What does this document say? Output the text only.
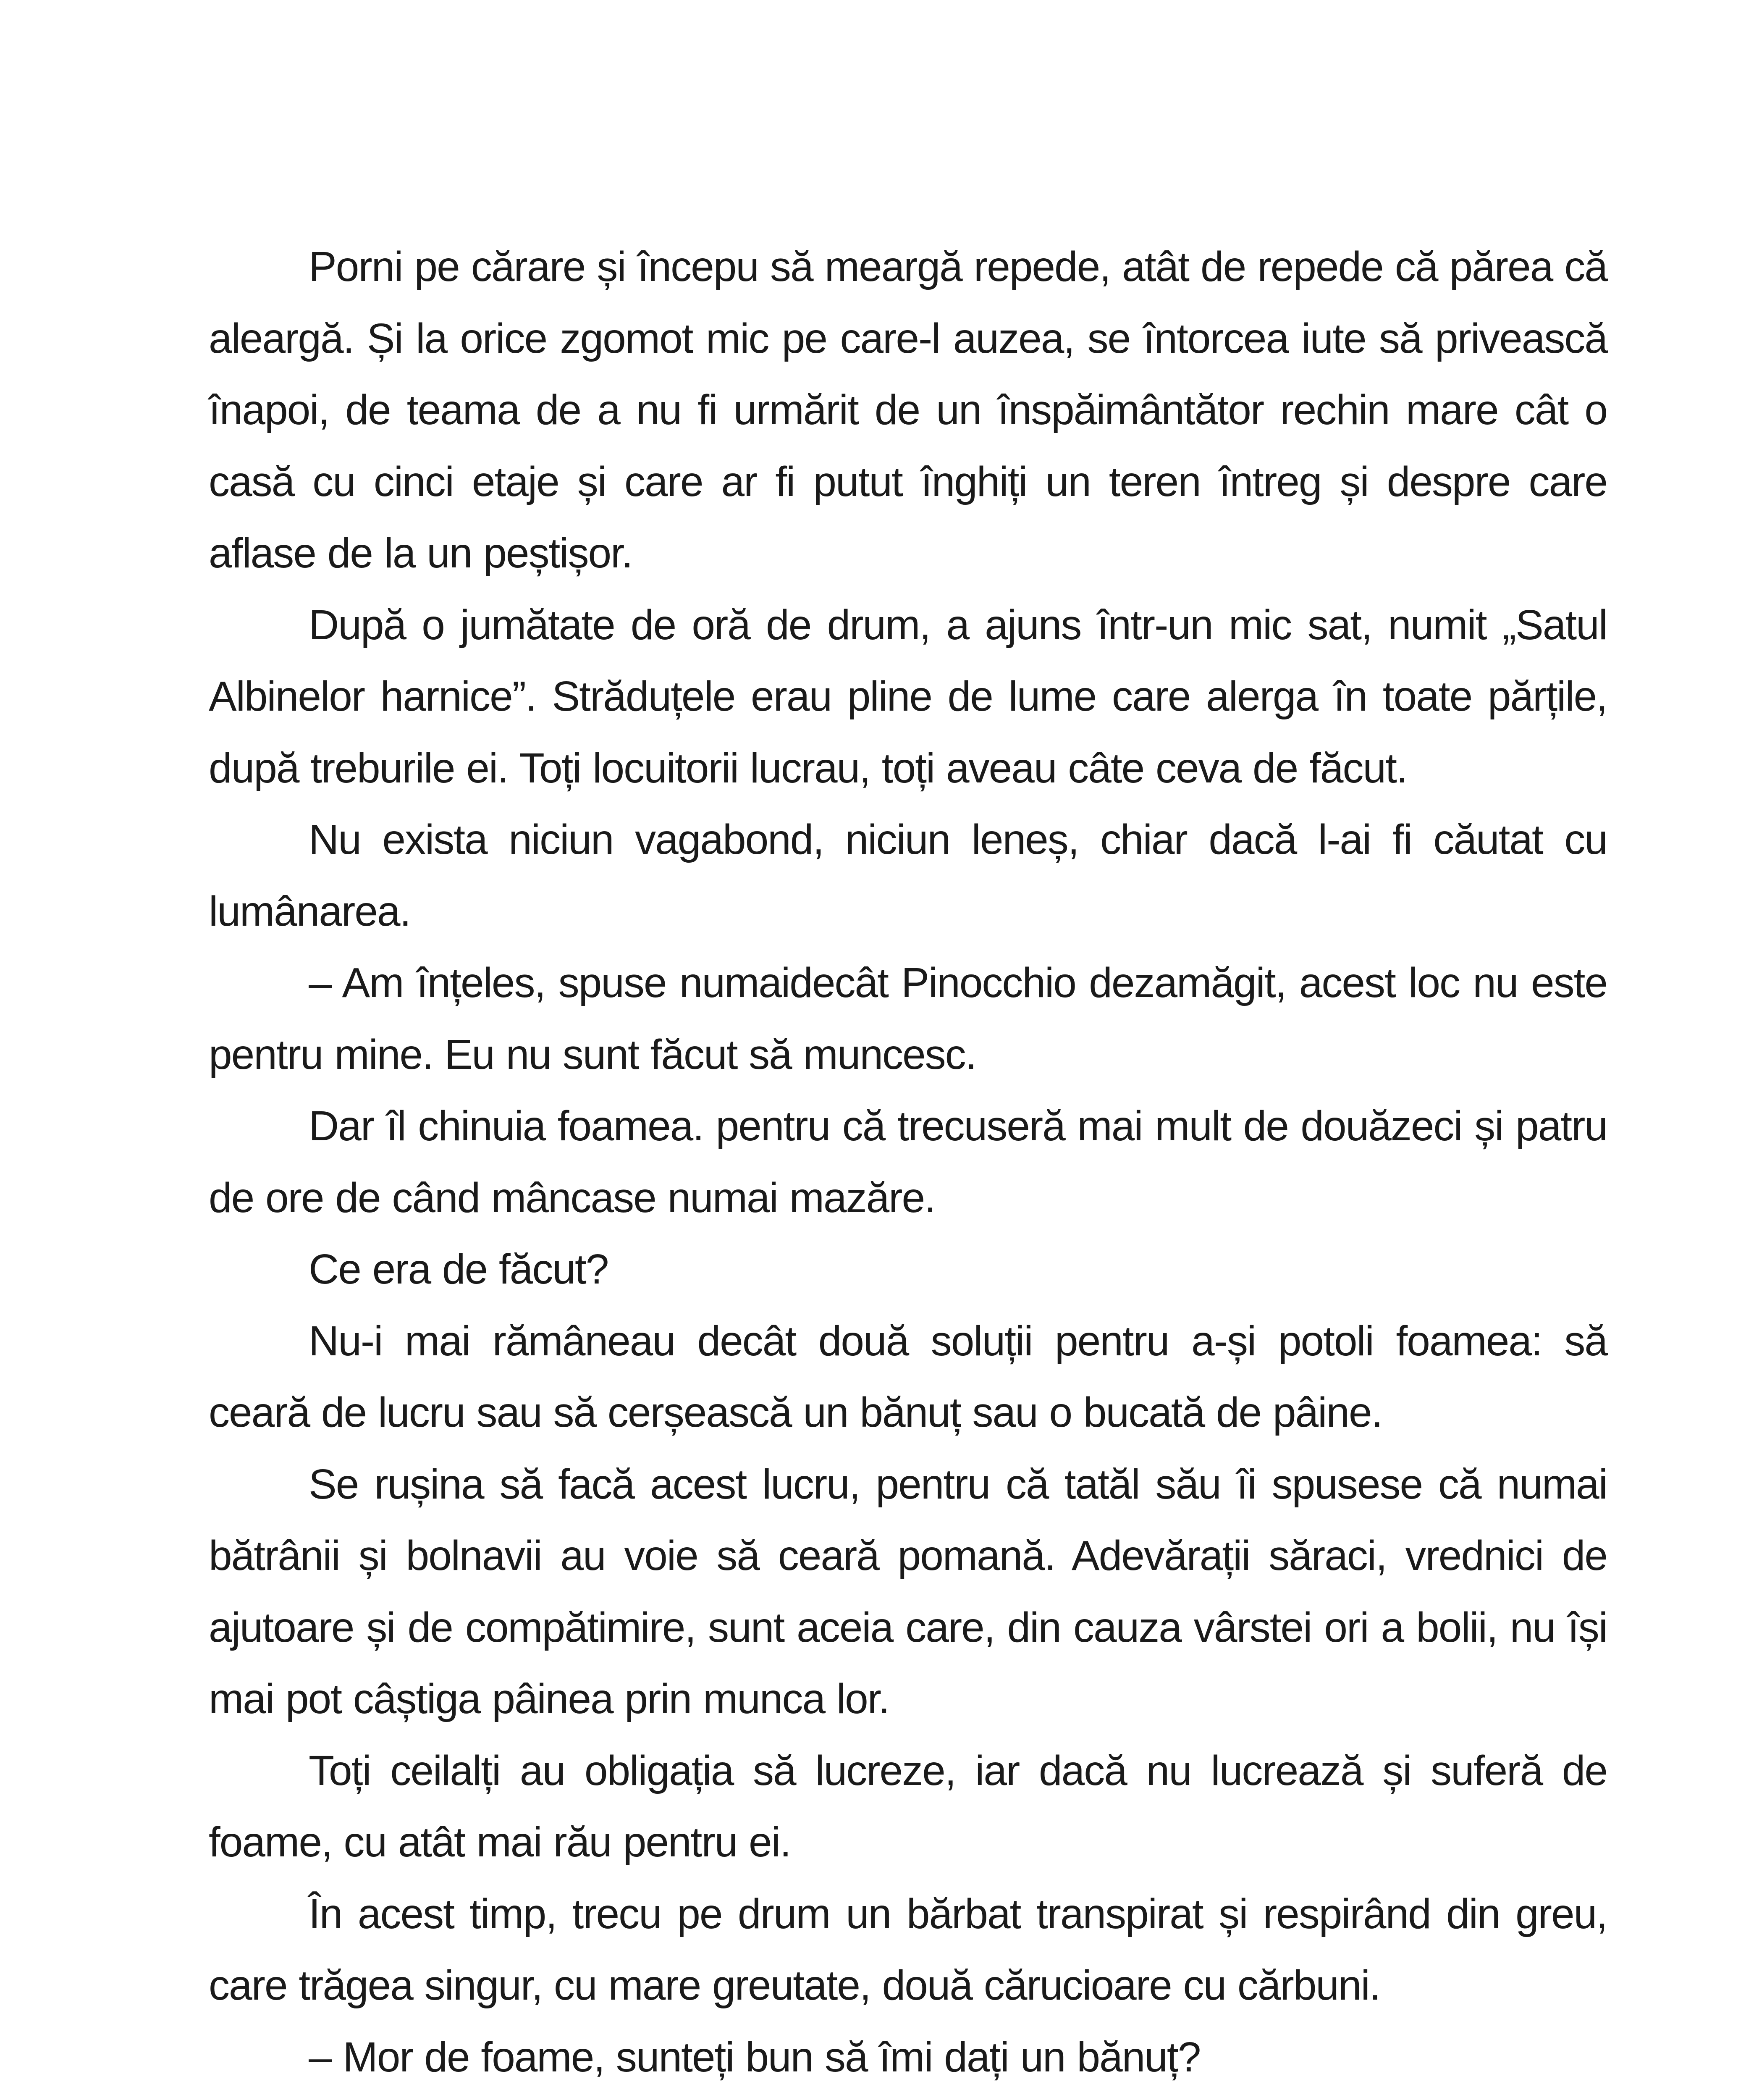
Porni pe cărare și începu să meargă repede, atât de repede că părea că aleargă. Și la orice zgomot mic pe care-l auzea, se întorcea iute să privească înapoi, de teama de a nu fi urmărit de un înspăimântător rechin mare cât o casă cu cinci etaje și care ar fi putut înghiți un teren întreg și despre care aflase de la un peștișor.

După o jumătate de oră de drum, a ajuns într-un mic sat, numit „Satul Albinelor harnice”. Străduțele erau pline de lume care alerga în toate părțile, după treburile ei. Toți locuitorii lucrau, toți aveau câte ceva de făcut.

Nu exista niciun vagabond, niciun leneș, chiar dacă l-ai fi căutat cu lumânarea.

– Am înțeles, spuse numaidecât Pinocchio dezamăgit, acest loc nu este pentru mine. Eu nu sunt făcut să muncesc.

Dar îl chinuia foamea. pentru că trecuseră mai mult de douăzeci și patru de ore de când mâncase numai mazăre.

Ce era de făcut?

Nu-i mai rămâneau decât două soluții pentru a-și potoli foamea: să ceară de lucru sau să cerșească un bănuț sau o bucată de pâine.

Se rușina să facă acest lucru, pentru că tatăl său îi spusese că numai bătrânii și bolnavii au voie să ceară pomană. Adevărații săraci, vrednici de ajutoare și de compătimire, sunt aceia care, din cauza vârstei ori a bolii, nu își mai pot câștiga pâinea prin munca lor.

Toți ceilalți au obligația să lucreze, iar dacă nu lucrează și suferă de foame, cu atât mai rău pentru ei.

În acest timp, trecu pe drum un bărbat transpirat și respirând din greu, care trăgea singur, cu mare greutate, două cărucioare cu cărbuni.

– Mor de foame, sunteți bun să îmi dați un bănuț?
